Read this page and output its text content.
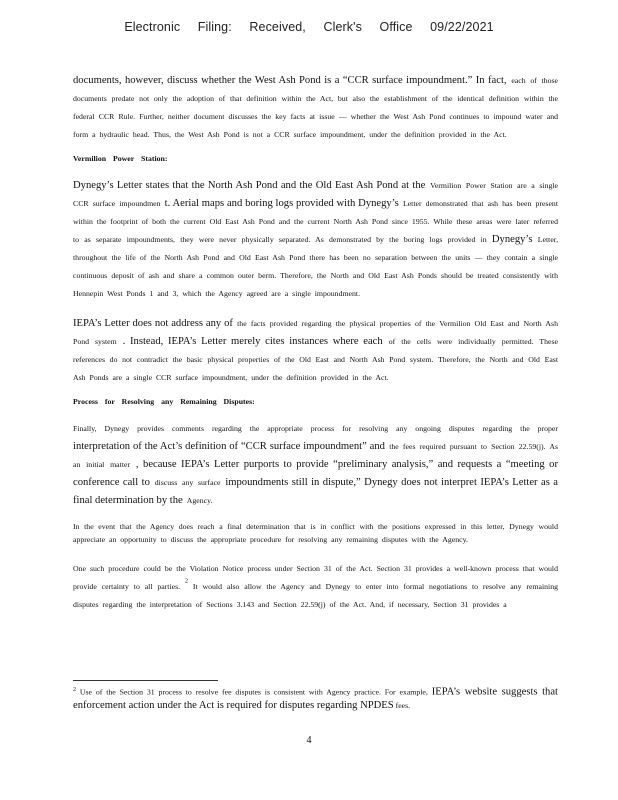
Electronic Filing: Received, Clerk's Office 09/22/2021

documents, however, discuss whether the West Ash Pond is a “CCR surface impoundment.” In fact, each of those documents predate not only the adoption of that definition within the Act, but also the establishment of the identical definition within the federal CCR Rule. Further, neither document discusses the key facts at issue — whether the West Ash Pond continues to impound water and form a hydraulic head. Thus, the West Ash Pond is not a CCR surface impoundment, under the definition provided in the Act.

Vermilion Power Station:

Dynegy’s Letter states that the North Ash Pond and the Old East Ash Pond at the Vermilion Power Station are a single CCR surface impoundmen t. Aerial maps and boring logs provided with Dynegy’s Letter demonstrated that ash has been present within the footprint of both the current Old East Ash Pond and the current North Ash Pond since 1955. While these areas were later referred to as separate impoundments, they were never physically separated. As demonstrated by the boring logs provided in Dynegy’s Letter, throughout the life of the North Ash Pond and Old East Ash Pond there has been no separation between the units — they contain a single continuous deposit of ash and share a common outer berm. Therefore, the North and Old East Ash Ponds should be treated consistently with Hennepin West Ponds 1 and 3, which the Agency agreed are a single impoundment.

IEPA’s Letter does not address any of the facts provided regarding the physical properties of the Vermilion Old East and North Ash Pond system . Instead, IEPA’s Letter merely cites instances where each of the cells were individually permitted. These references do not contradict the basic physical properties of the Old East and North Ash Pond system. Therefore, the North and Old East Ash Ponds are a single CCR surface impoundment, under the definition provided in the Act.

Process for Resolving any Remaining Disputes:

Finally, Dynegy provides comments regarding the appropriate process for resolving any ongoing disputes regarding the proper interpretation of the Act’s definition of “CCR surface impoundment” and the fees required pursuant to Section 22.59(j). As an initial matter , because IEPA’s Letter purports to provide “preliminary analysis,” and requests a “meeting or conference call to discuss any surface impoundments still in dispute,” Dynegy does not interpret IEPA’s Letter as a final determination by the Agency.

In the event that the Agency does reach a final determination that is in conflict with the positions expressed in this letter, Dynegy would appreciate an opportunity to discuss the appropriate procedure for resolving any remaining disputes with the Agency.

One such procedure could be the Violation Notice process under Section 31 of the Act. Section 31 provides a well-known process that would provide certainty to all parties. $^2$ It would also allow the Agency and Dynegy to enter into formal negotiations to resolve any remaining disputes regarding the interpretation of Sections 3.143 and Section 22.59(j) of the Act. And, if necessary, Section 31 provides a

$^2$ Use of the Section 31 process to resolve fee disputes is consistent with Agency practice. For example, IEPA’s website suggests that enforcement action under the Act is required for disputes regarding NPDES fees.
4
